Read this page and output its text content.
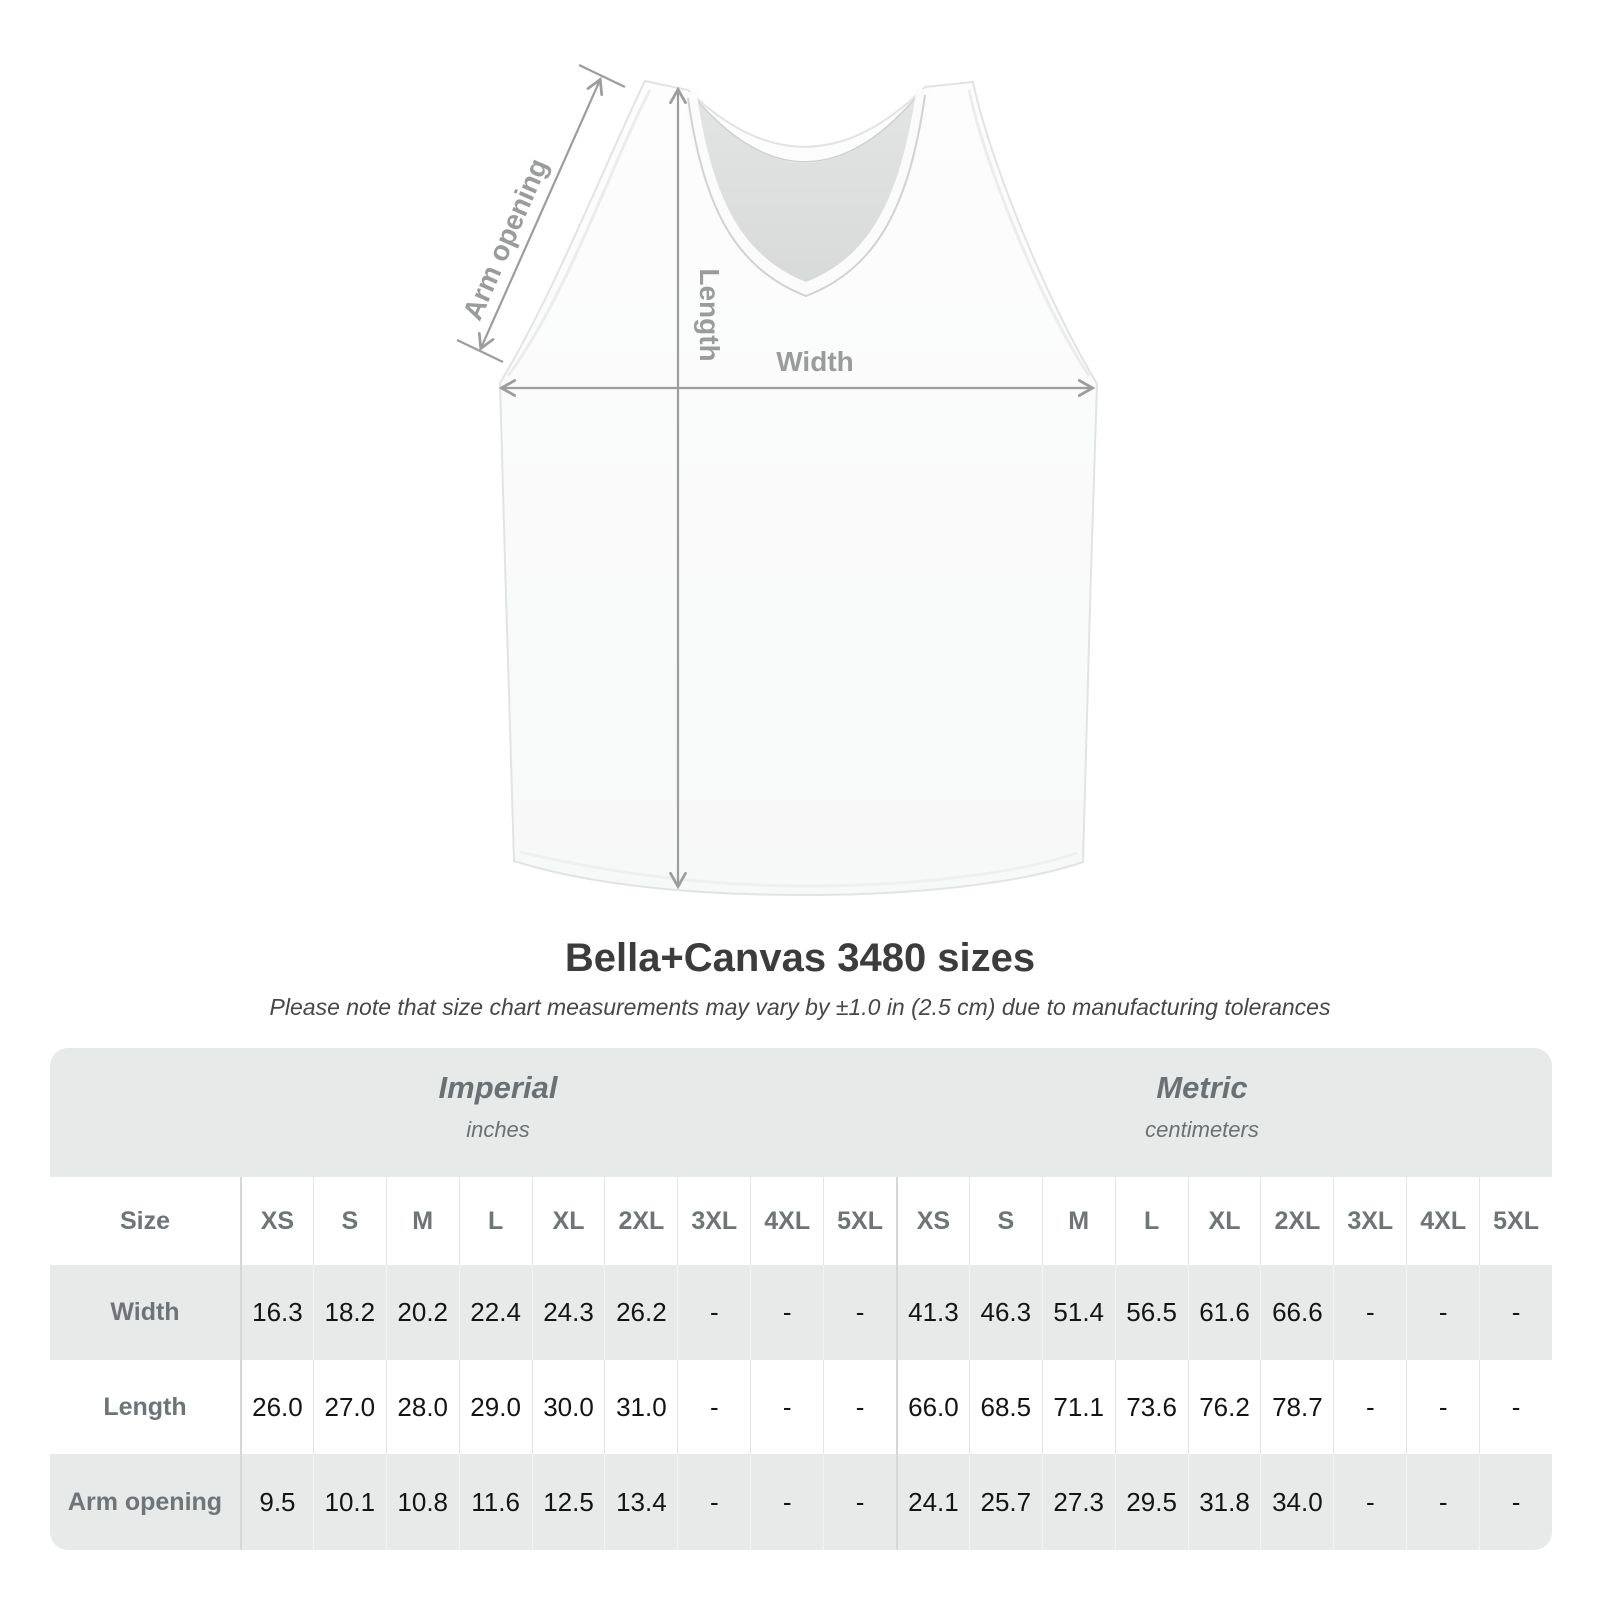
Width
Length
Arm opening
Bella+Canvas 3480 sizes

Please note that size chart measurements may vary by ±1.0 in (2.5 cm) due to manufacturing tolerances

Imperial
inches
Metric
centimeters
Size	XS	S	M	L	XL	2XL	3XL	4XL	5XL	XS	S	M	L	XL	2XL	3XL	4XL	5XL
Width	16.3 18.2 20.2 22.4 24.3 26.2	-	-	-	41.3 46.3 51.4 56.5 61.6 66.6	-	-	-
Length	26.0 27.0 28.0 29.0 30.0 31.0	-	-	-	66.0 68.5 71.1 73.6 76.2 78.7	-	-	-
Arm opening	9.5	10.1 10.8 11.6 12.5 13.4	-	-	-	24.1 25.7 27.3 29.5 31.8 34.0	-	-	-
